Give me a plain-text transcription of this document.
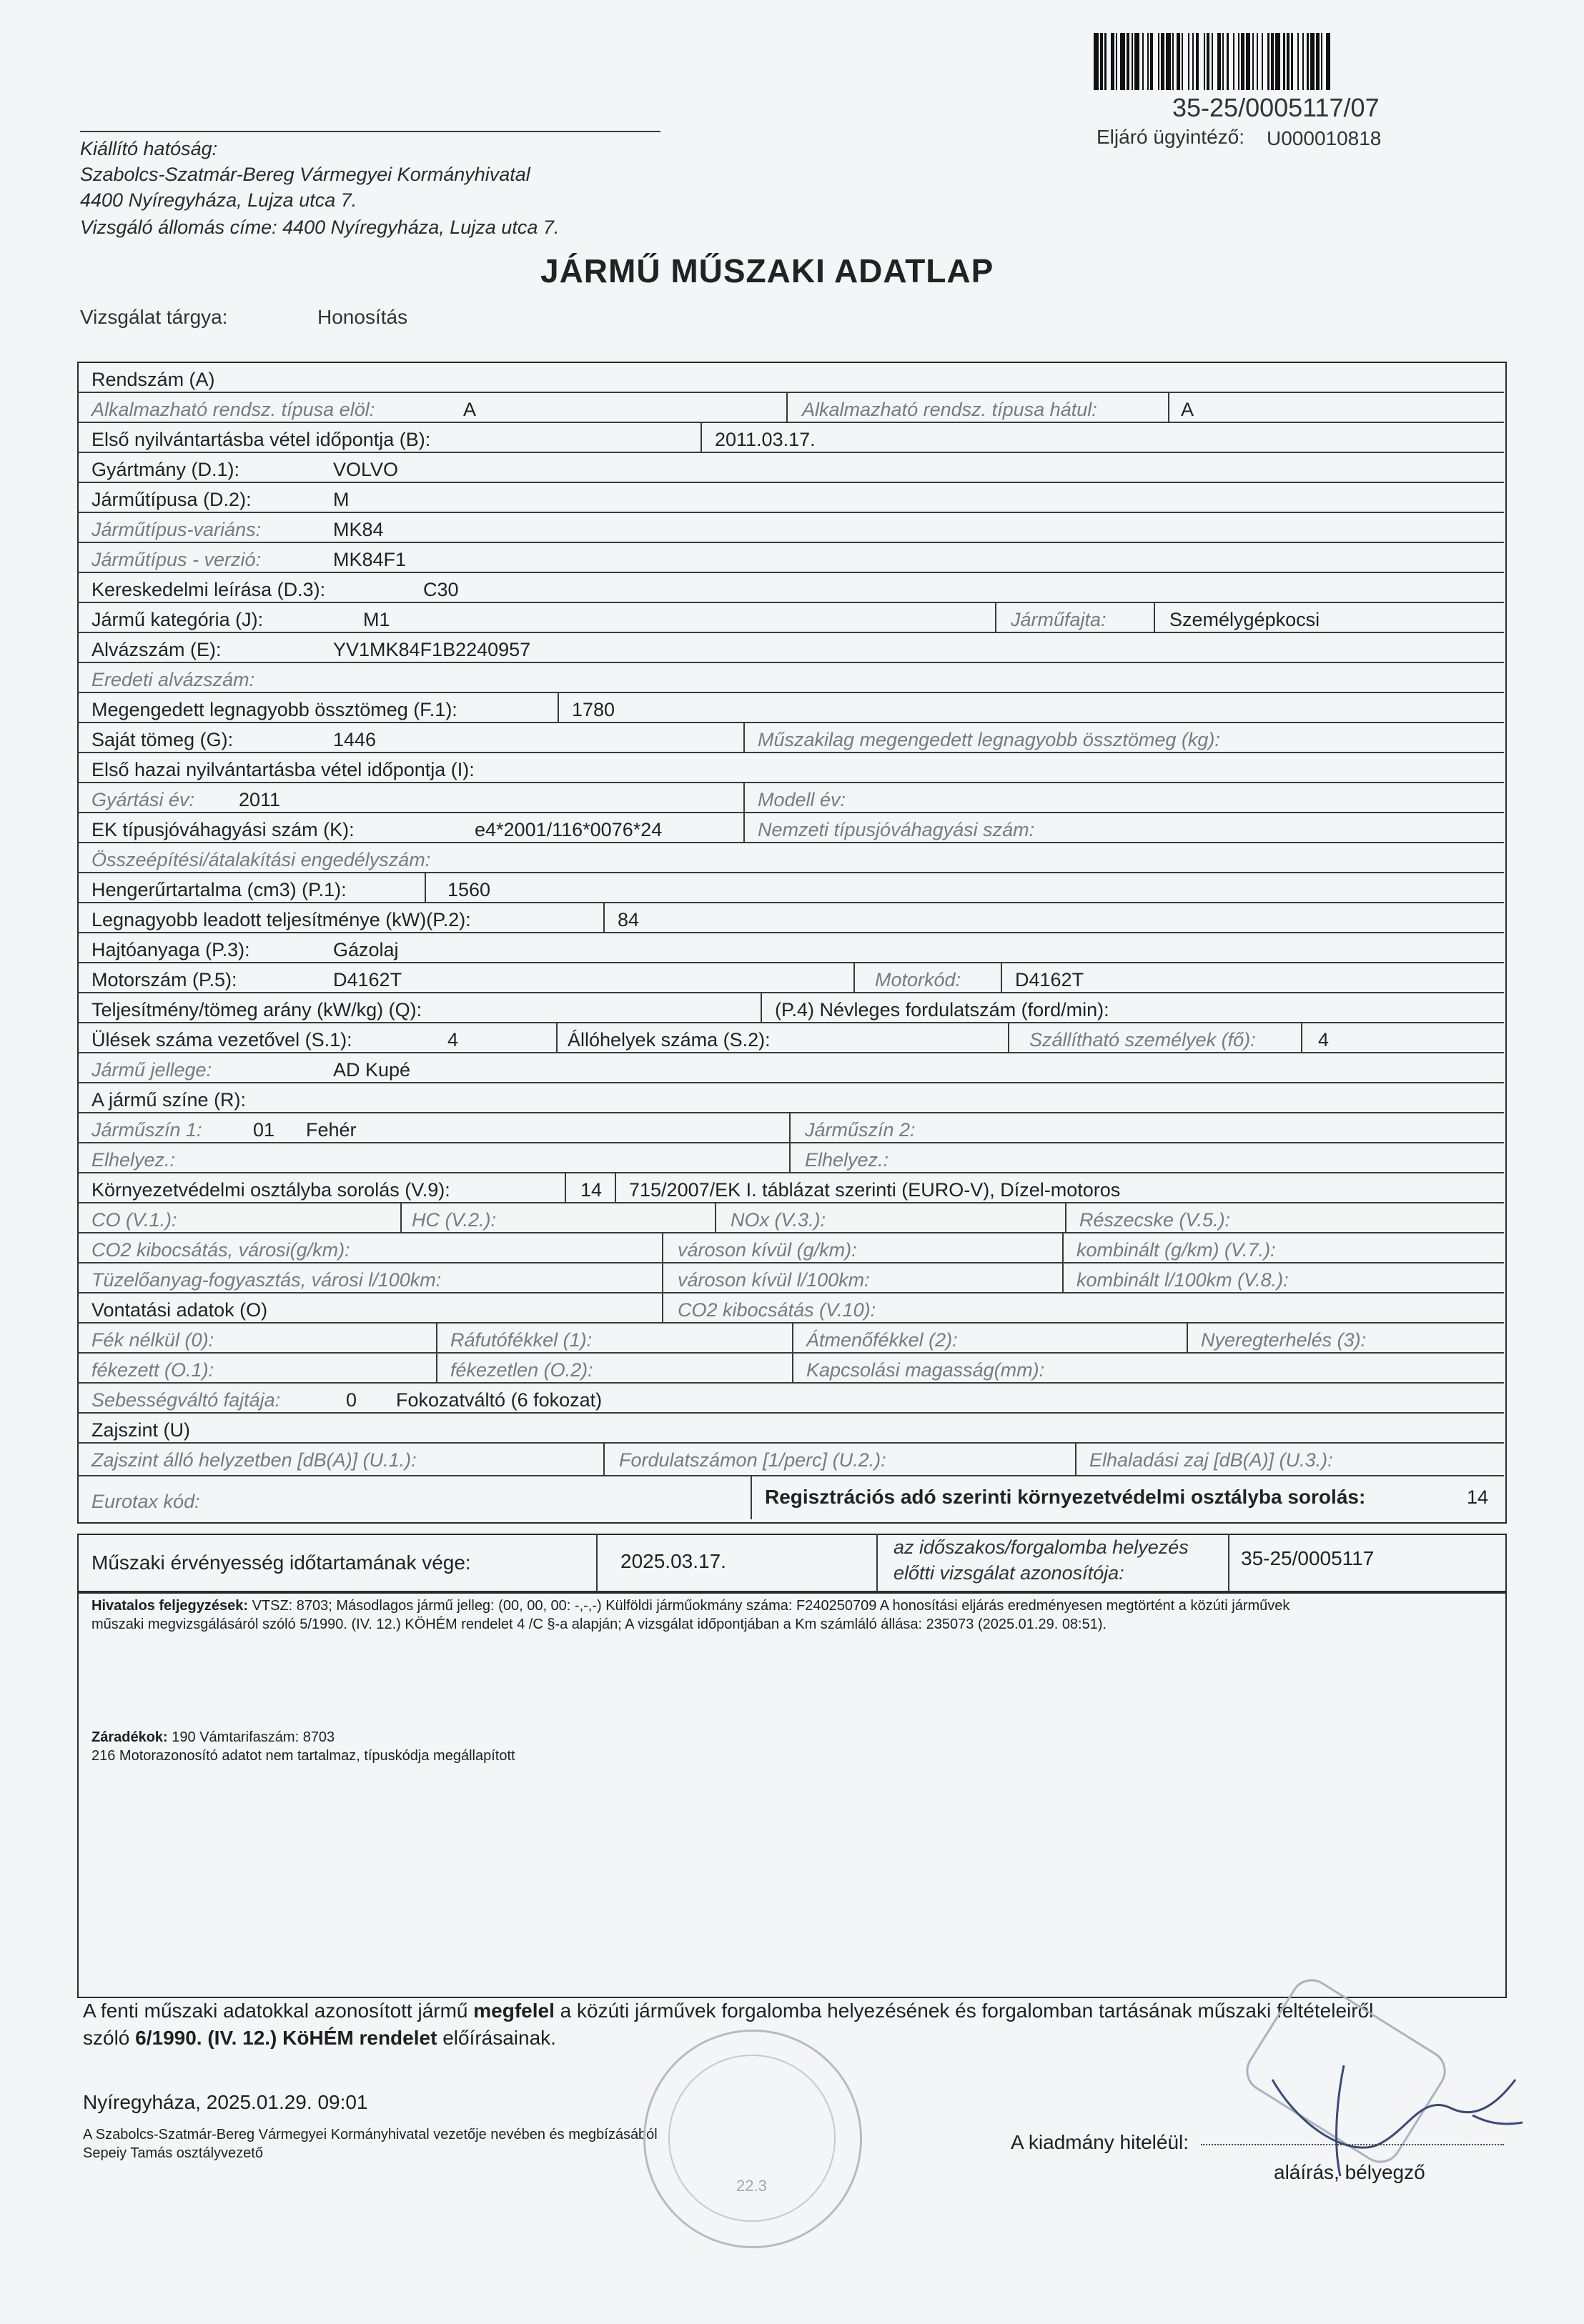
35-25/0005117/07
Eljáró ügyintéző: U000010818
Kiállító hatóság:
Szabolcs-Szatmár-Bereg Vármegyei Kormányhivatal
4400 Nyíregyháza, Lujza utca 7.
Vizsgáló állomás címe: 4400 Nyíregyháza, Lujza utca 7.
JÁRMŰ MŰSZAKI ADATLAP
Vizsgálat tárgya:	Honosítás
Rendszám (A)
Alkalmazható rendsz. típusa elöl:	A	Alkalmazható rendsz. típusa hátul:	A
Első nyilvántartásba vétel időpontja (B):	2011.03.17.
Gyártmány (D.1):	VOLVO
Járműtípusa (D.2):	M
Járműtípus-variáns:	MK84
Járműtípus - verzió:	MK84F1
Kereskedelmi leírása (D.3):	C30
Jármű kategória (J):	M1	Járműfajta:	Személygépkocsi
Alvázszám (E):	YV1MK84F1B2240957
Eredeti alvázszám:
Megengedett legnagyobb össztömeg (F.1):	1780
Saját tömeg (G):	1446	Műszakilag megengedett legnagyobb össztömeg (kg):
Első hazai nyilvántartásba vétel időpontja (I):
Gyártási év: 2011	Modell év:
EK típusjóváhagyási szám (K):	e4*2001/116*0076*24	Nemzeti típusjóváhagyási szám:
Összeépítési/átalakítási engedélyszám:
Hengerűrtartalma (cm3) (P.1):	1560
Legnagyobb leadott teljesítménye (kW)(P.2):	84
Hajtóanyaga (P.3):	Gázolaj
Motorszám (P.5):	D4162T	Motorkód:	D4162T
Teljesítmény/tömeg arány (kW/kg) (Q):	(P.4) Névleges fordulatszám (ford/min):
Ülések száma vezetővel (S.1):	4	Állóhelyek száma (S.2):	Szállítható személyek (fő):	4
Jármű jellege:	AD Kupé
A jármű színe (R):
Járműszín 1:	01 Fehér	Járműszín 2:
Elhelyez.:	Elhelyez.:
Környezetvédelmi osztályba sorolás (V.9):	14 715/2007/EK I. táblázat szerinti (EURO-V), Dízel-motoros
CO (V.1.):	HC (V.2.):	NOx (V.3.):	Részecske (V.5.):
CO2 kibocsátás, városi(g/km):	városon kívül (g/km):	kombinált (g/km) (V.7.):
Tüzelőanyag-fogyasztás, városi l/100km:	városon kívül l/100km:	kombinált l/100km (V.8.):
Vontatási adatok (O)	CO2 kibocsátás (V.10):
Fék nélkül (0):	Ráfutófékkel (1):	Átmenőfékkel (2):	Nyeregterhelés (3):
fékezett (O.1):	fékezetlen (O.2):	Kapcsolási magasság(mm):
Sebességváltó fajtája:	0 Fokozatváltó (6 fokozat)
Zajszint (U)
Zajszint álló helyzetben [dB(A)] (U.1.):	Fordulatszámon [1/perc] (U.2.):	Elhaladási zaj [dB(A)] (U.3.):
Eurotax kód:	Regisztrációs adó szerinti környezetvédelmi osztályba sorolás:	14
Műszaki érvényesség időtartamának vége:	2025.03.17.
az időszakos/forgalomba helyezés
előtti vizsgálat azonosítója:
35-25/0005117
Hivatalos feljegyzések: VTSZ: 8703; Másodlagos jármű jelleg: (00, 00, 00: -,-,-) Külföldi járműokmány száma: F240250709 A honosítási eljárás eredményesen megtörtént a közúti járművek
műszaki megvizsgálásáról szóló 5/1990. (IV. 12.) KÖHÉM rendelet 4 /C §-a alapján; A vizsgálat időpontjában a Km számláló állása: 235073 (2025.01.29. 08:51).
Záradékok: 190 Vámtarifaszám: 8703
216 Motorazonosító adatot nem tartalmaz, típuskódja megállapított
A fenti műszaki adatokkal azonosított jármű megfelel a közúti járművek forgalomba helyezésének és forgalomban tartásának műszaki feltételeiről
szóló 6/1990. (IV. 12.) KöHÉM rendelet előírásainak.
Nyíregyháza, 2025.01.29. 09:01
A Szabolcs-Szatmár-Bereg Vármegyei Kormányhivatal vezetője nevében és megbízásából
Sepeiy Tamás osztályvezető
22.3
A kiadmány hiteléül:
aláírás, bélyegző
